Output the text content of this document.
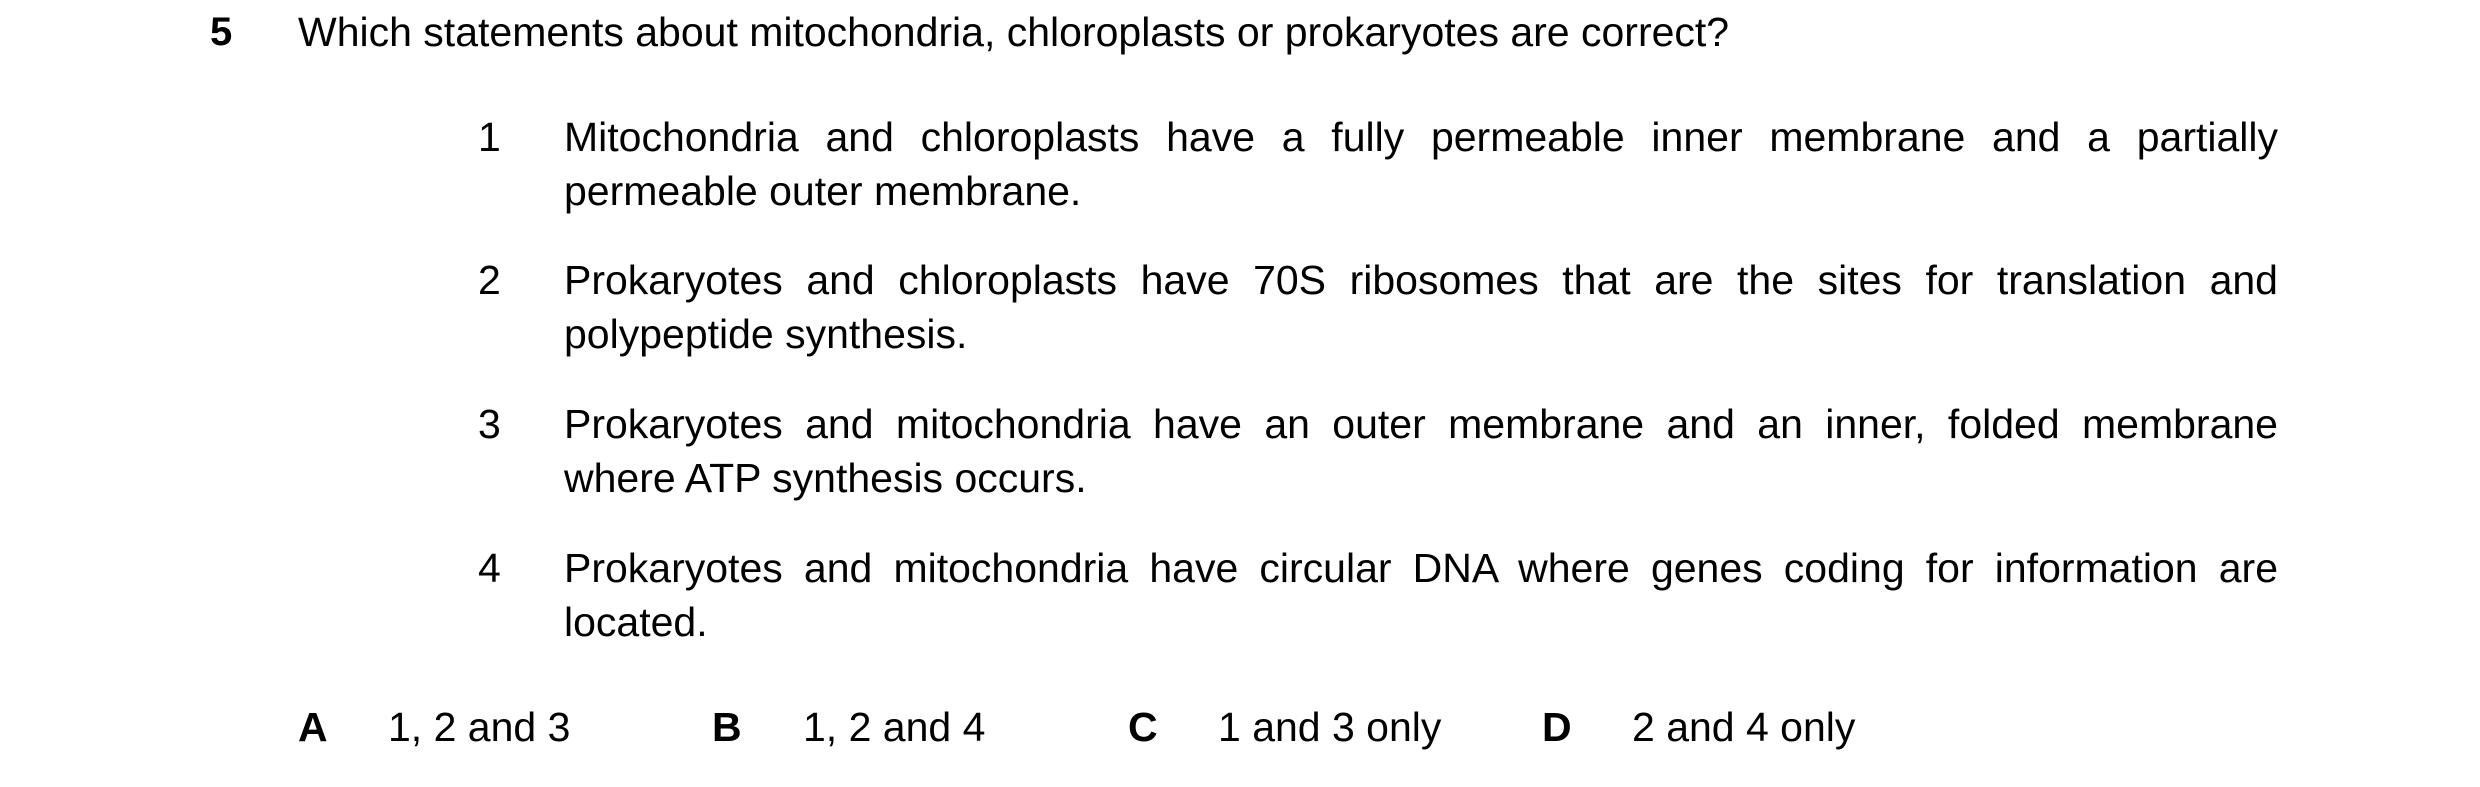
5 Which statements about mitochondria, chloroplasts or prokaryotes are correct?
1 Mitochondria and chloroplasts have a fully permeable inner membrane and a partially permeable outer membrane.
2 Prokaryotes and chloroplasts have 70S ribosomes that are the sites for translation and polypeptide synthesis.
3 Prokaryotes and mitochondria have an outer membrane and an inner, folded membrane where ATP synthesis occurs.
4 Prokaryotes and mitochondria have circular DNA where genes coding for information are located.
A 1, 2 and 3	B 1, 2 and 4	C 1 and 3 only D 2 and 4 only
